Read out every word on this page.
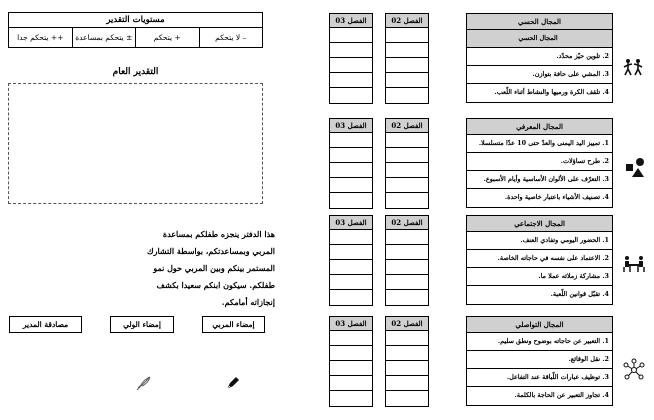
مستويات التقدير
لا يتحكم –
يتحكم +
يتحكم بمساعدة ±
يتحكم جدا ++
التقدير العام
هذا الدفتر ينجزه طفلكم بمساعدة المربي وبمساعدتكم، بواسطة التشارك المستمر بينكم وبين المربي حول نمو طفلكم. سيكون ابنكم سعيدا بكشف إنجازاته أمامكم.
مصادقة المدير	إمضاء الولي	إمضاء المربي
الفصل 03	الفصل 02	المجال الحسي
المجال الحسي
2. تلوين حيّز محدّد.
3. المشي على حافة بتوازن.
4. تلقف الكرة ورميها والنشاط أثناء اللّعب.
الفصل 03	الفصل 02	المجال المعرفي
1. تمييز اليد اليمنى والعدّ حتى 10 عدّا متسلسلا.
2. طرح تساؤلات.
3. التعرّف على الألوان الأساسية وأيام الأسبوع.
4. تصنيف الأشياء باعتبار خاصية واحدة.
الفصل 03	الفصل 02	المجال الاجتماعي
1. الحضور اليومي وتفادي العنف.
2. الاعتماد على نفسه في حاجاته الخاصة.
3. مشاركة زملائه عملا ما.
4. تقبّل قوانين اللّعبة.
الفصل 03	الفصل 02	المجال التواصلي
1. التعبير عن حاجاته بوضوح ونطق سليم.
2. نقل الوقائع.
3. توظيف عبارات اللّباقة عند التفاعل.
4. تجاوز التعبير عن الحاجة بالكلمة.
